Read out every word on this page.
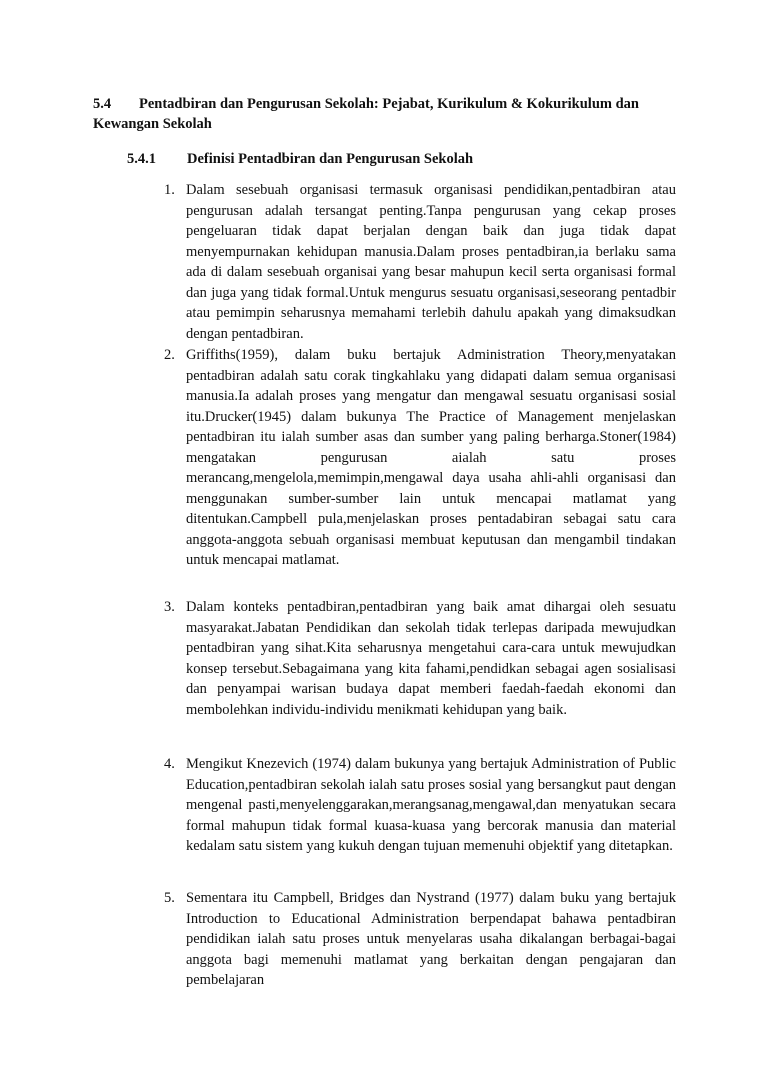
5.4 Pentadbiran dan Pengurusan Sekolah: Pejabat, Kurikulum & Kokurikulum dan Kewangan Sekolah
5.4.1 Definisi Pentadbiran dan Pengurusan Sekolah
1. Dalam sesebuah organisasi termasuk organisasi pendidikan,pentadbiran atau pengurusan adalah tersangat penting.Tanpa pengurusan yang cekap proses pengeluaran tidak dapat berjalan dengan baik dan juga tidak dapat menyempurnakan kehidupan manusia.Dalam proses pentadbiran,ia berlaku sama ada di dalam sesebuah organisai yang besar mahupun kecil serta organisasi formal dan juga yang tidak formal.Untuk mengurus sesuatu organisasi,seseorang pentadbir atau pemimpin seharusnya memahami terlebih dahulu apakah yang dimaksudkan dengan pentadbiran.
2. Griffiths(1959), dalam buku bertajuk Administration Theory,menyatakan pentadbiran adalah satu corak tingkahlaku yang didapati dalam semua organisasi manusia.Ia adalah proses yang mengatur dan mengawal sesuatu organisasi sosial itu.Drucker(1945) dalam bukunya The Practice of Management menjelaskan pentadbiran itu ialah sumber asas dan sumber yang paling berharga.Stoner(1984) mengatakan pengurusan aialah satu proses merancang,mengelola,memimpin,mengawal daya usaha ahli-ahli organisasi dan menggunakan sumber-sumber lain untuk mencapai matlamat yang ditentukan.Campbell pula,menjelaskan proses pentadabiran sebagai satu cara anggota-anggota sebuah organisasi membuat keputusan dan mengambil tindakan untuk mencapai matlamat.
3. Dalam konteks pentadbiran,pentadbiran yang baik amat dihargai oleh sesuatu masyarakat.Jabatan Pendidikan dan sekolah tidak terlepas daripada mewujudkan pentadbiran yang sihat.Kita seharusnya mengetahui cara-cara untuk mewujudkan konsep tersebut.Sebagaimana yang kita fahami,pendidkan sebagai agen sosialisasi dan penyampai warisan budaya dapat memberi faedah-faedah ekonomi dan membolehkan individu-individu menikmati kehidupan yang baik.
4. Mengikut Knezevich (1974) dalam bukunya yang bertajuk Administration of Public Education,pentadbiran sekolah ialah satu proses sosial yang bersangkut paut dengan mengenal pasti,menyelenggarakan,merangsanag,mengawal,dan menyatukan secara formal mahupun tidak formal kuasa-kuasa yang bercorak manusia dan material kedalam satu sistem yang kukuh dengan tujuan memenuhi objektif yang ditetapkan.
5. Sementara itu Campbell, Bridges dan Nystrand (1977) dalam buku yang bertajuk Introduction to Educational Administration berpendapat bahawa pentadbiran pendidikan ialah satu proses untuk menyelaras usaha dikalangan berbagai-bagai anggota bagi memenuhi matlamat yang berkaitan dengan pengajaran dan pembelajaran
